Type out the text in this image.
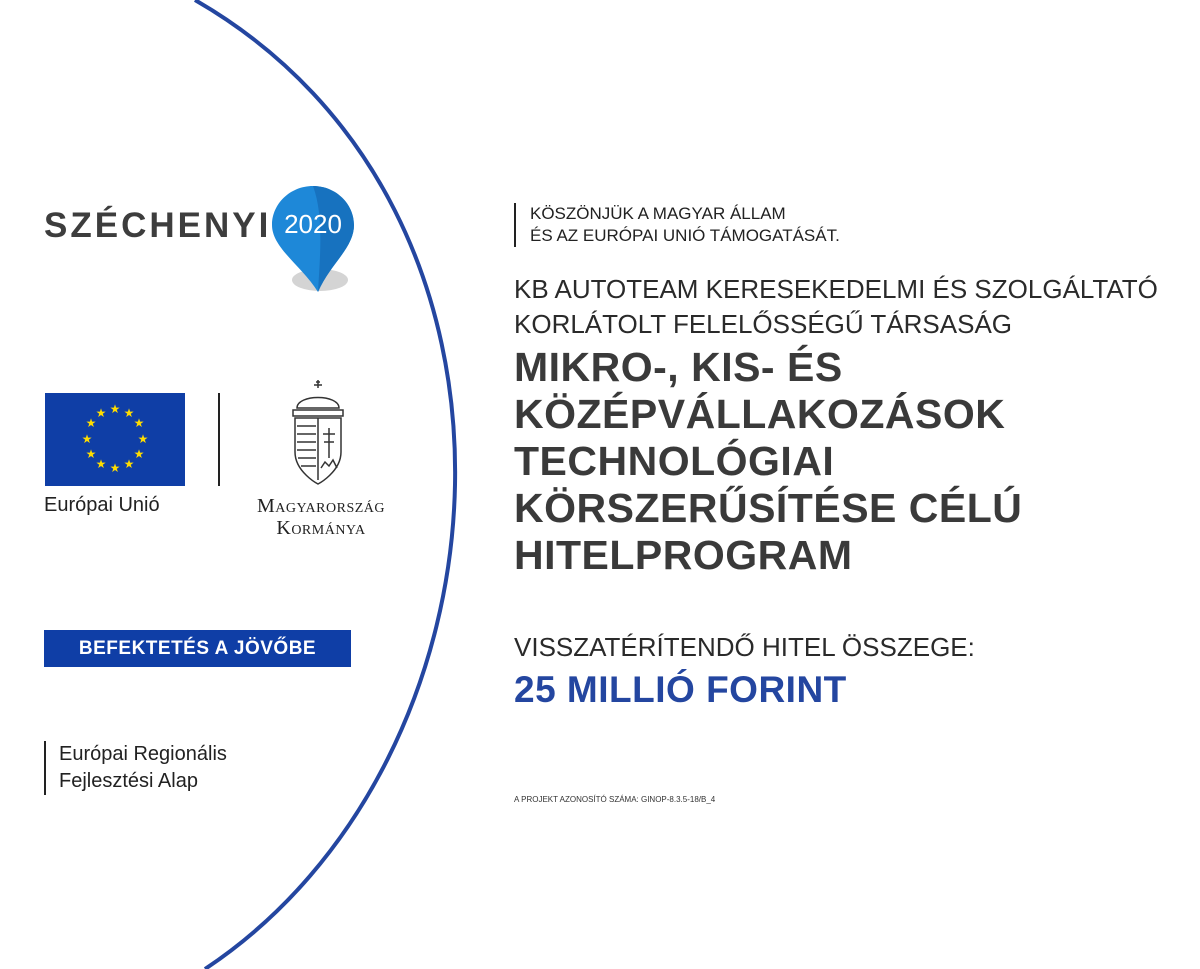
SZÉCHENYI 2020
★ ★
★
★
★
★
★
★
★
★
★
★
Európai Unió	Magyarország
Kormánya
BEFEKTETÉS A JÖVŐBE
Európai Regionális
Fejlesztési Alap
KÖSZÖNJÜK A MAGYAR ÁLLAM
ÉS AZ EURÓPAI UNIÓ TÁMOGATÁSÁT.
KB AUTOTEAM KERESEKEDELMI ÉS SZOLGÁLTATÓ
KORLÁTOLT FELELŐSSÉGŰ TÁRSASÁG
MIKRO-, KIS- ÉS
KÖZÉPVÁLLAKOZÁSOK
TECHNOLÓGIAI
KÖRSZERŰSÍTÉSE CÉLÚ
HITELPROGRAM
VISSZATÉRÍTENDŐ HITEL ÖSSZEGE:
25 MILLIÓ FORINT
A PROJEKT AZONOSÍTÓ SZÁMA: GINOP-8.3.5-18/B_4
